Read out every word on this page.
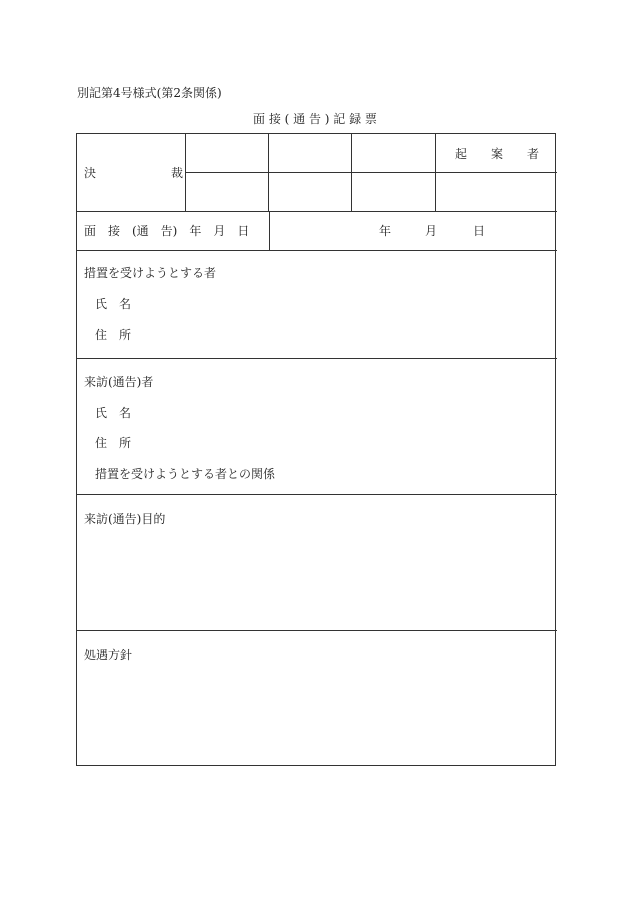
別記第4号様式(第2条関係)
面 接 ( 通 告 ) 記 録 票
決	裁
起　　案　　者
面　接　(通　告)　年　月　日	年	月	日
措置を受けようとする者
氏　名
住　所
来訪(通告)者
氏　名
住　所
措置を受けようとする者との関係
来訪(通告)目的
処遇方針
